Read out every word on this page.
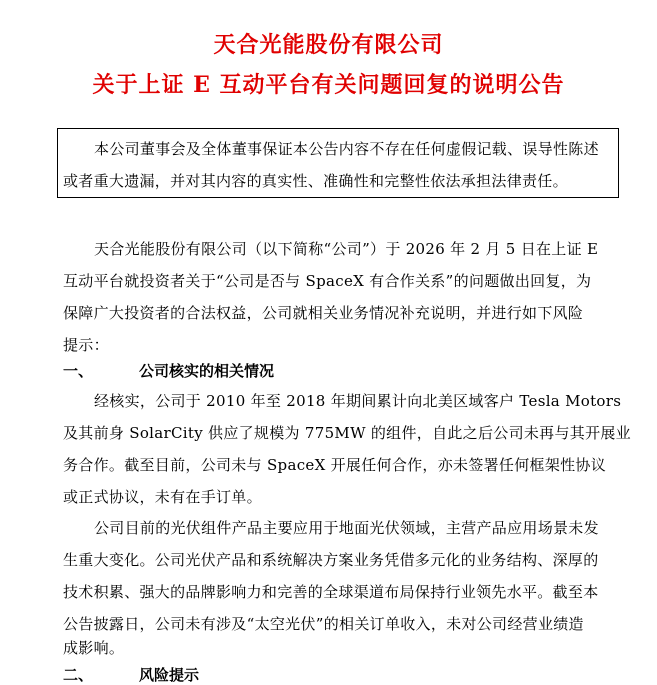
天合光能股份有限公司
关于上证 E 互动平台有关问题回复的说明公告
本公司董事会及全体董事保证本公告内容不存在任何虚假记载、误导性陈述
或者重大遗漏，并对其内容的真实性、准确性和完整性依法承担法律责任。
天合光能股份有限公司（以下简称“公司”）于 2026 年 2 月 5 日在上证 E
互动平台就投资者关于“公司是否与 SpaceX 有合作关系”的问题做出回复，为
保障广大投资者的合法权益，公司就相关业务情况补充说明，并进行如下风险
提示：
一、	公司核实的相关情况
经核实，公司于 2010 年至 2018 年期间累计向北美区域客户 Tesla Motors
及其前身 SolarCity 供应了规模为 775MW 的组件，自此之后公司未再与其开展业
务合作。截至目前，公司未与 SpaceX 开展任何合作，亦未签署任何框架性协议
或正式协议，未有在手订单。
公司目前的光伏组件产品主要应用于地面光伏领域，主营产品应用场景未发
生重大变化。公司光伏产品和系统解决方案业务凭借多元化的业务结构、深厚的
技术积累、强大的品牌影响力和完善的全球渠道布局保持行业领先水平。截至本
公告披露日，公司未有涉及“太空光伏”的相关订单收入，未对公司经营业绩造
成影响。
二、	风险提示
